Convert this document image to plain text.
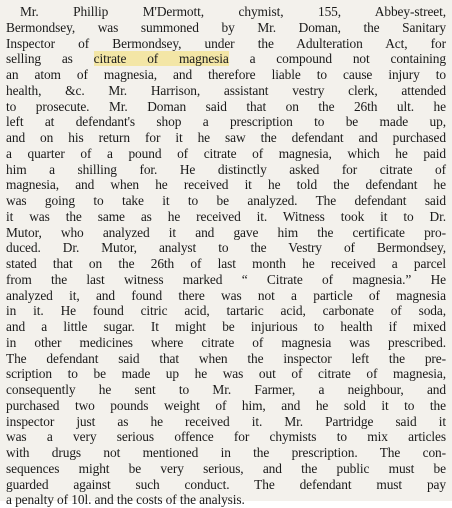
Mr. Phillip M'Dermott, chymist, 155, Abbey-street,
Bermondsey, was summoned by Mr. Doman, the Sanitary
Inspector of Bermondsey, under the Adulteration Act, for
selling as citrate of magnesia a compound not containing
an atom of magnesia, and therefore liable to cause injury to
health, &c. Mr. Harrison, assistant vestry clerk, attended
to prosecute. Mr. Doman said that on the 26th ult. he
left at defendant's shop a prescription to be made up,
and on his return for it he saw the defendant and purchased
a quarter of a pound of citrate of magnesia, which he paid
him a shilling for. He distinctly asked for citrate of
magnesia, and when he received it he told the defendant he
was going to take it to be analyzed. The defendant said
it was the same as he received it. Witness took it to Dr.
Mutor, who analyzed it and gave him the certificate pro-
duced. Dr. Mutor, analyst to the Vestry of Bermondsey,
stated that on the 26th of last month he received a parcel
from the last witness marked “ Citrate of magnesia.” He
analyzed it, and found there was not a particle of magnesia
in it. He found citric acid, tartaric acid, carbonate of soda,
and a little sugar. It might be injurious to health if mixed
in other medicines where citrate of magnesia was prescribed.
The defendant said that when the inspector left the pre-
scription to be made up he was out of citrate of magnesia,
consequently he sent to Mr. Farmer, a neighbour, and
purchased two pounds weight of him, and he sold it to the
inspector just as he received it. Mr. Partridge said it
was a very serious offence for chymists to mix articles
with drugs not mentioned in the prescription. The con-
sequences might be very serious, and the public must be
guarded against such conduct. The defendant must pay
a penalty of 10l. and the costs of the analysis.
